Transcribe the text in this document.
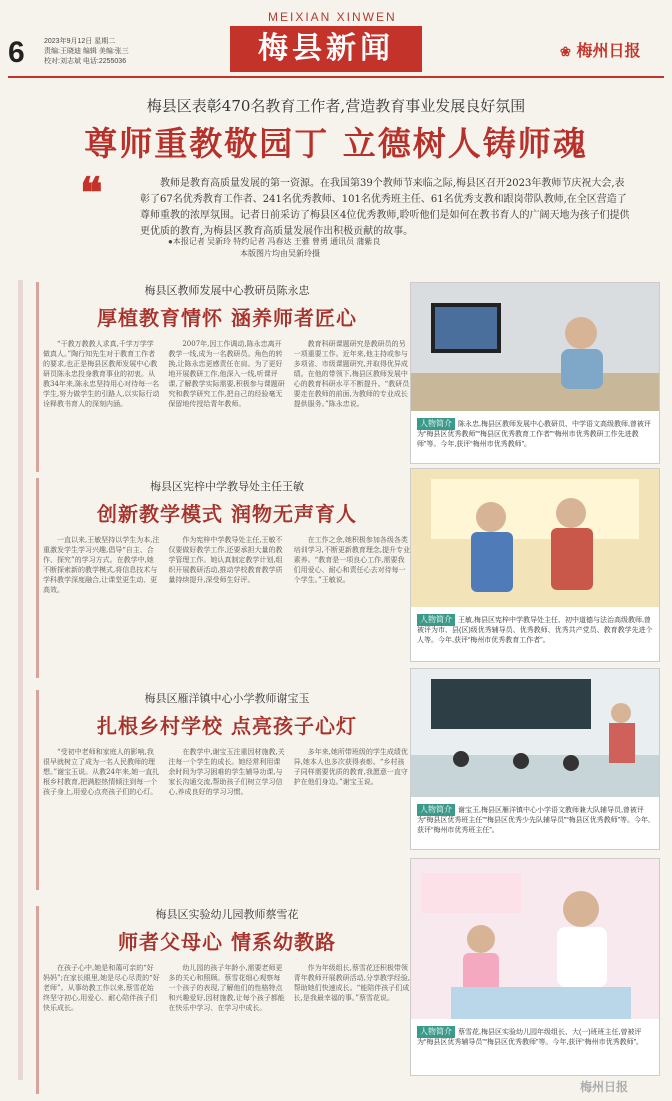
6	2023年9月12日 星期二
责编:王晓迪 编辑 美编:张三
校对:刘志斌 电话:2255036
MEIXIAN XINWEN
梅县新闻	❀ 梅州日报
梅县区表彰470名教育工作者,营造教育事业发展良好氛围
尊师重教敬园丁 立德树人铸师魂
❝	教师是教育高质量发展的第一资源。在我国第39个教师节来临之际,梅县区召开2023年教师节庆祝大会,表彰了67名优秀教育工作者、241名优秀教师、101名优秀班主任、61名优秀支教和跟岗带队教师,在全区营造了尊师重教的浓厚氛围。记者日前采访了梅县区4位优秀教师,聆听他们是如何在教书育人的广阔天地为孩子们提供更优质的教育,为梅县区教育高质量发展作出积极贡献的故事。
●本报记者 吴新玲 特约记者 冯春达 王雅 曾勇 通讯员 蒲紫良
本版图片均由吴新玲摄
梅县区教师发展中心教研员陈永忠
厚植教育情怀 涵养师者匠心
“干教万教教人求真,千学万学学做真人。”陶行知先生对于教育工作者的要求,也正是梅县区教师发展中心教研员陈永忠投身教育事业的初衷。从教34年来,陈永忠坚持用心对待每一名学生,努力做学生的引路人,以实际行动诠释教书育人的深刻内涵。
2007年,因工作调动,陈永忠离开教学一线,成为一名教研员。角色的转换,让陈永忠更感责任在肩。为了更好地开展教研工作,他深入一线,听课评课,了解教学实际需要,积极参与课题研究和教学研究工作,把自己的经验毫无保留地传授给青年教师。
教育科研课题研究是教研员的另一项重要工作。近年来,他主持或参与多项省、市级课题研究,并取得优异成绩。在他的带领下,梅县区教师发展中心的教育科研水平不断提升。“教研员要走在教师的前面,为教师的专业成长提供服务。”陈永忠说。
人物简介 陈永忠,梅县区教师发展中心教研员、中学语文高级教师,曾被评为“梅县区优秀教师”“梅县区优秀教育工作者”“梅州市优秀教研工作先进教师”等。今年,获评“梅州市优秀教师”。
梅县区宪梓中学教导处主任王敏
创新教学模式 润物无声育人
一直以来,王敏坚持以学生为本,注重激发学生学习兴趣,倡导“自主、合作、探究”的学习方式。在教学中,她不断探索新的教学模式,将信息技术与学科教学深度融合,让课堂更生动、更高效。
作为宪梓中学教导处主任,王敏不仅要做好教学工作,还要承担大量的教学管理工作。她认真制定教学计划,组织开展教研活动,推动学校教育教学质量持续提升,深受师生好评。
在工作之余,她积极参加各级各类培训学习,不断更新教育理念,提升专业素养。“教育是一项良心工作,需要我们用爱心、耐心和责任心去对待每一个学生。”王敏说。
人物简介 王敏,梅县区宪梓中学教导处主任、初中道德与法治高级教师,曾被评为市、县(区)级优秀辅导员、优秀教师、优秀共产党员、教育教学先进个人等。今年,获评“梅州市优秀教育工作者”。
梅县区雁洋镇中心小学教师谢宝玉
扎根乡村学校 点亮孩子心灯
“受初中老师和家庭人的影响,我很早就树立了成为一名人民教师的理想。”谢宝玉说。从教24年来,她一直扎根乡村教育,把满腔热情倾注到每一个孩子身上,用爱心点亮孩子们的心灯。
在教学中,谢宝玉注重因材施教,关注每一个学生的成长。她经常利用课余时间为学习困难的学生辅导功课,与家长沟通交流,帮助孩子们树立学习信心,养成良好的学习习惯。
多年来,她所带班级的学生成绩优异,她本人也多次获得表彰。“乡村孩子同样需要优质的教育,我愿意一直守护在他们身边。”谢宝玉说。
人物简介 谢宝玉,梅县区雁洋镇中心小学语文教师兼大队辅导员,曾被评为“梅县区优秀班主任”“梅县区优秀少先队辅导员”“梅县区优秀教师”等。今年,获评“梅州市优秀班主任”。
梅县区实验幼儿园教师蔡雪花
师者父母心 情系幼教路
在孩子心中,她是和蔼可亲的“好妈妈”;在家长眼里,她是尽心尽责的“好老师”。从事幼教工作以来,蔡雪花始终坚守初心,用爱心、耐心陪伴孩子们快乐成长。
幼儿园的孩子年龄小,需要老师更多的关心和照顾。蔡雪花细心观察每一个孩子的表现,了解他们的性格特点和兴趣爱好,因材施教,让每个孩子都能在快乐中学习、在学习中成长。
作为年级组长,蔡雪花还积极带领青年教师开展教研活动,分享教学经验,帮助她们快速成长。“能陪伴孩子们成长,是我最幸福的事。”蔡雪花说。
人物简介 蔡雪花,梅县区实验幼儿园年级组长、大(一)班班主任,曾被评为“梅县区优秀辅导员”“梅县区优秀教师”等。今年,获评“梅州市优秀教师”。
梅州日报
